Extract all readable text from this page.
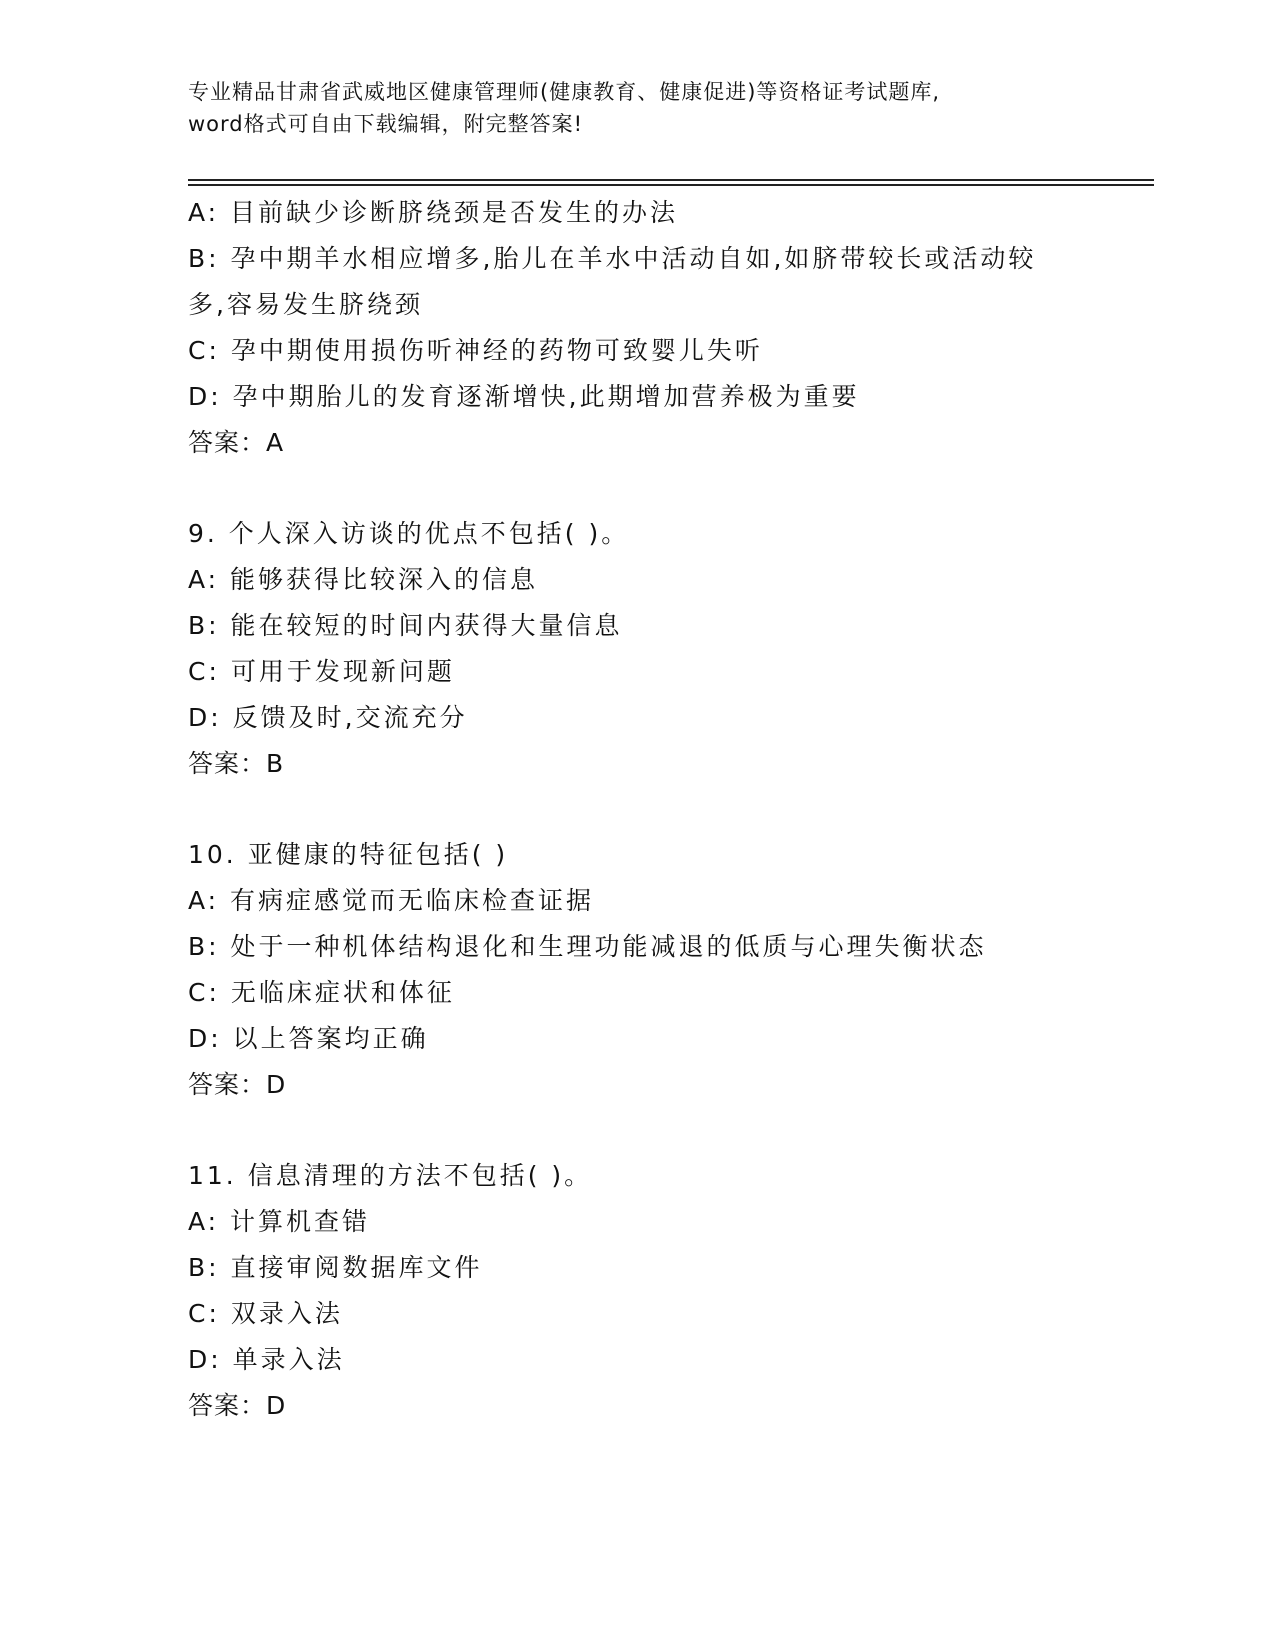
专业精品甘肃省武威地区健康管理师(健康教育、健康促进)等资格证考试题库,
word格式可自由下载编辑，附完整答案!
A: 目前缺少诊断脐绕颈是否发生的办法
B: 孕中期羊水相应增多,胎儿在羊水中活动自如,如脐带较长或活动较
多,容易发生脐绕颈
C: 孕中期使用损伤听神经的药物可致婴儿失听
D: 孕中期胎儿的发育逐渐增快,此期增加营养极为重要
答案：A
9. 个人深入访谈的优点不包括( )。
A: 能够获得比较深入的信息
B: 能在较短的时间内获得大量信息
C: 可用于发现新问题
D: 反馈及时,交流充分
答案：B
10. 亚健康的特征包括( )
A: 有病症感觉而无临床检查证据
B: 处于一种机体结构退化和生理功能减退的低质与心理失衡状态
C: 无临床症状和体征
D: 以上答案均正确
答案：D
11. 信息清理的方法不包括( )。
A: 计算机查错
B: 直接审阅数据库文件
C: 双录入法
D: 单录入法
答案：D
